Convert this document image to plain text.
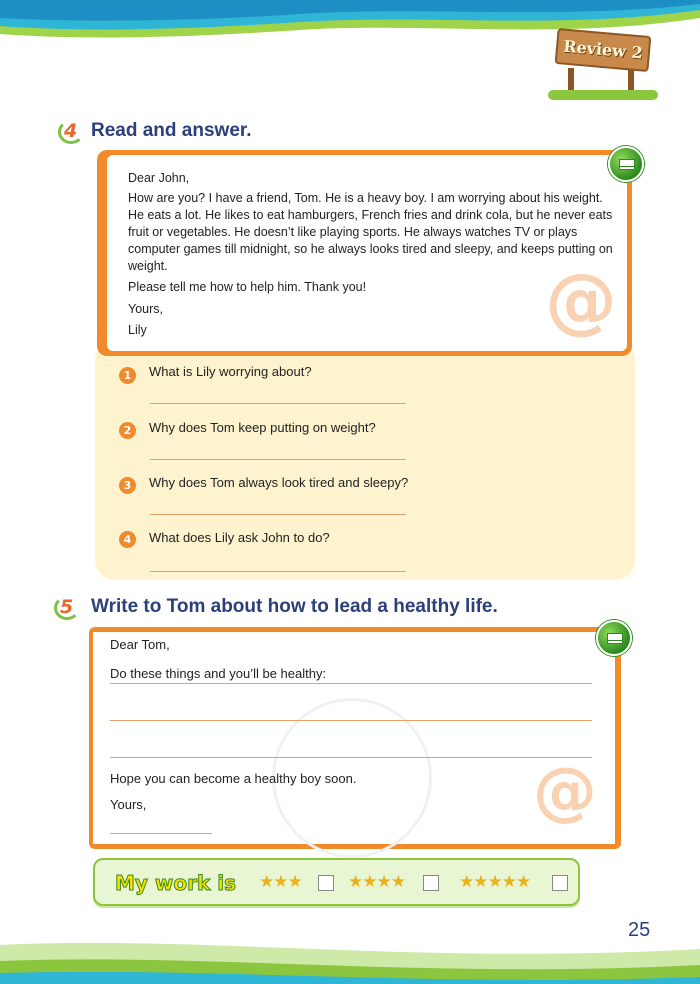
Review 2
4 Read and answer.
@
Dear John,
How are you? I have a friend, Tom. He is a heavy boy. I am worrying about his weight. He eats a lot. He likes to eat hamburgers, French fries and drink cola, but he never eats fruit or vegetables. He doesn’t like playing sports. He always watches TV or plays computer games till midnight, so he always looks tired and sleepy, and keeps putting on weight.
Please tell me how to help him. Thank you!
Yours,
Lily
1	What is Lily worrying about?
2	Why does Tom keep putting on weight?
3	Why does Tom always look tired and sleepy?
4	What does Lily ask John to do?
5 Write to Tom about how to lead a healthy life.
@
Dear Tom,
Do these things and you’ll be healthy:
Hope you can become a healthy boy soon.
Yours,
My work is ★★★	★★★★	★★★★★
25
